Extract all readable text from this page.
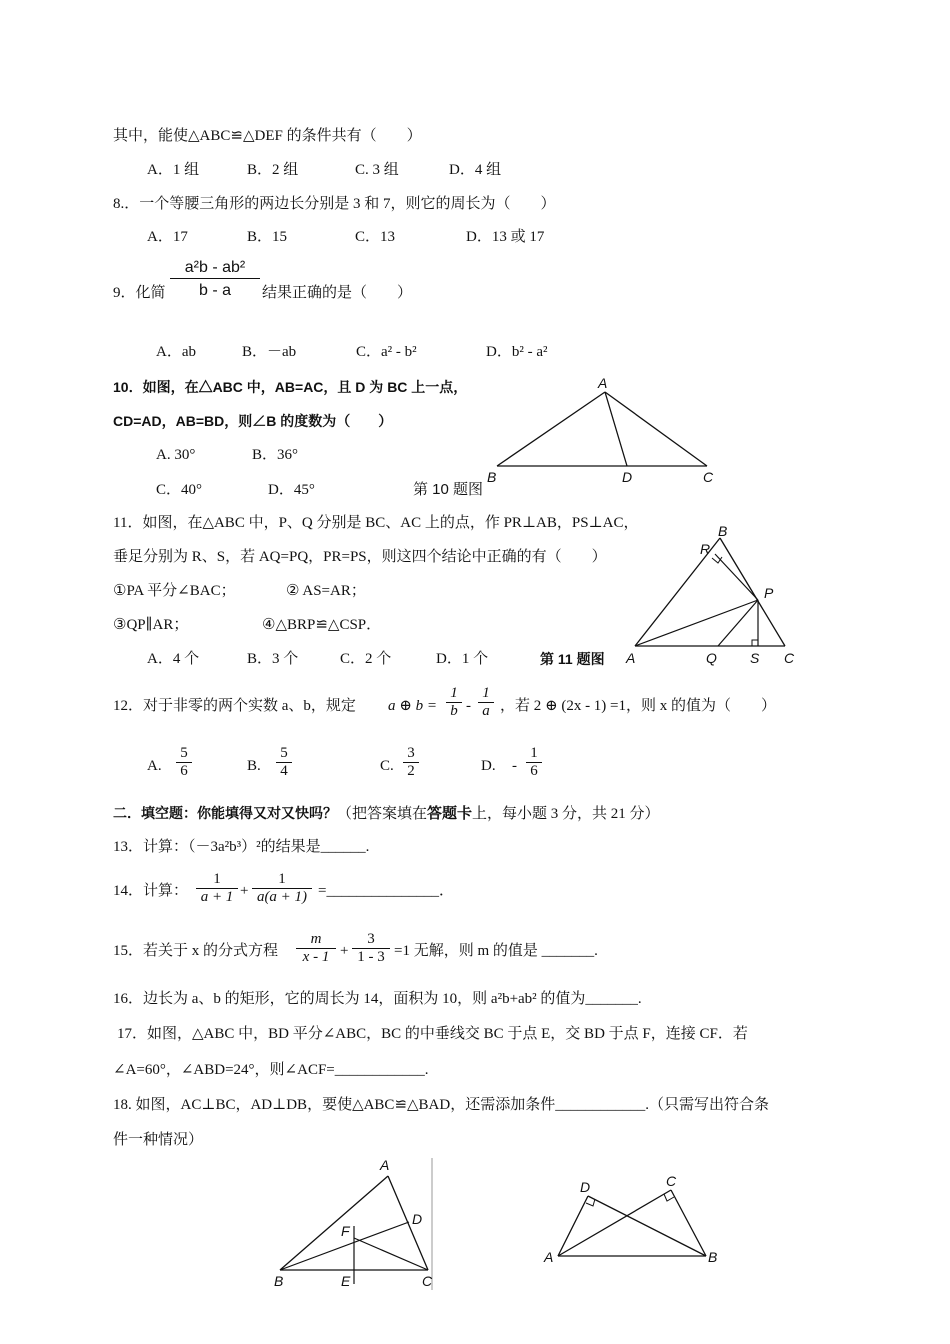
其中，能使△ABC≌△DEF 的条件共有（　　）
A．1 组	B．2 组	C. 3 组	D．4 组
8.．一个等腰三角形的两边长分别是 3 和 7，则它的周长为（　　）
A．17	B．15	C．13	D．13 或 17
9．化简 $\frac{\text{a²b - ab²}}{b - a}$ 结果正确的是（　　）
A．ab	B．－ab	C．a² - b²	D．b² - a²
10．如图，在△ABC 中，AB=AC，且 D 为 BC 上一点，
CD=AD，AB=BD，则∠B 的度数为（　　）
A. 30°	B．36°
C．40°	D．45°	第 10 题图
A
B	D	C
11．如图，在△ABC 中，P、Q 分别是 BC、AC 上的点，作 PR⊥AB，PS⊥AC，
垂足分别为 R、S，若 AQ=PQ，PR=PS，则这四个结论中正确的有（　　）
①PA 平分∠BAC；	② AS=AR；
③QP∥AR；	④△BRP≌△CSP．
A．4 个	B．3 个	C．2 个	D．1 个	第 11 题图
B
R
P
A	Q S C
12．对于非零的两个实数 a、b，规定 a ⊕ $b = \frac{1}{b} - \frac{1}{a}$ ，若 2 ⊕ (2x - 1) =1，则 x 的值为（　　）
A. $\frac{5}{6}$	B. $\frac{5}{4}$	C. $\frac{3}{2}$	D. - $\frac{1}{6}$
二．填空题：你能填得又对又快吗？（把答案填在答题卡上，每小题 3 分，共 21 分）
13．计算：（－3a²b³）²的结果是______.
14．计算： $\frac{1}{a + 1} + \frac{1}{a(a + 1)}$ =_______________．
15．若关于 x 的分式方程 $\frac{m}{x - 1} + \frac{3}{1 - 3} =1$ 无解，则 m 的值是 _______.
16．边长为 a、b 的矩形，它的周长为 14，面积为 10，则 a²b+ab² 的值为_______.
17．如图，△ABC 中，BD 平分∠ABC，BC 的中垂线交 BC 于点 E，交 BD 于点 F，连接 CF．若
∠A=60°，∠ABD=24°，则∠ACF=____________.
18. 如图，AC⊥BC，AD⊥DB，要使△ABC≌△BAD，还需添加条件____________.（只需写出符合条
件一种情况）
A
D
F
B	E	C
D	C
A	B
